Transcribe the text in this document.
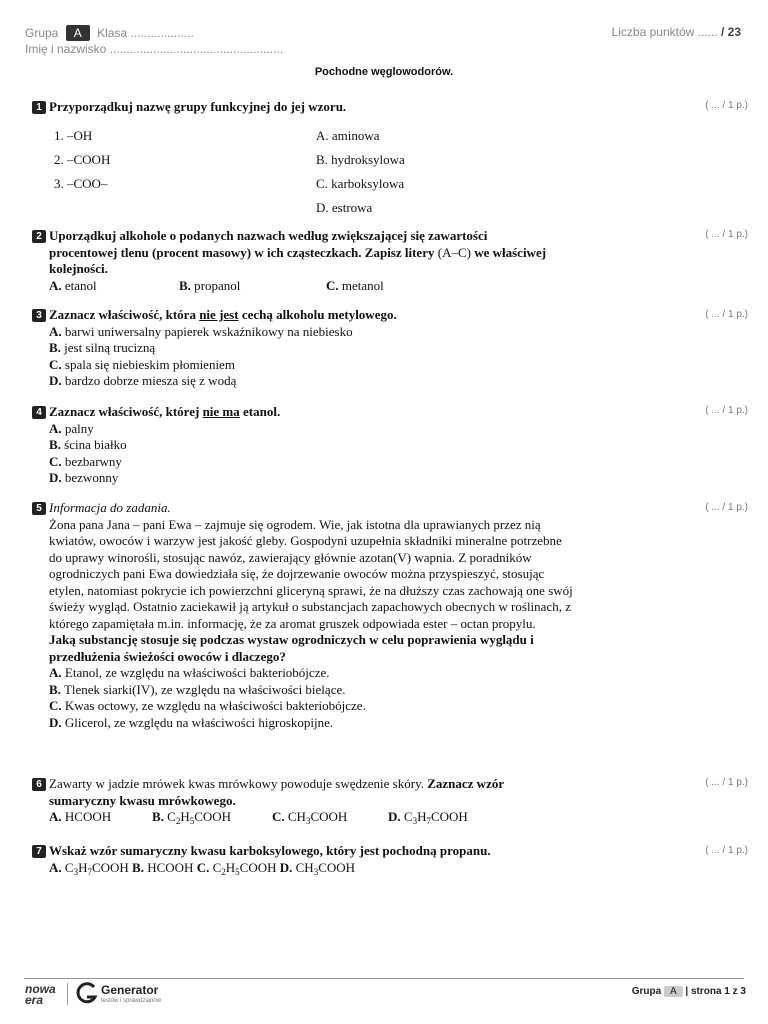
Grupa A Klasa ...................
Imię i nazwisko ....................................................
Liczba punktów ...... / 23
Pochodne węglowodorów.
1 Przyporządkuj nazwę grupy funkcyjnej do jej wzoru.
1. –OH
2. –COOH
3. –COO–
A. aminowa
B. hydroksylowa
C. karboksylowa
D. estrowa
( ... / 1 p.)
2 Uporządkuj alkohole o podanych nazwach według zwiększającej się zawartości procentowej tlenu (procent masowy) w ich cząsteczkach. Zapisz litery (A–C) we właściwej kolejności.
A. etanol	B. propanol	C. metanol
( ... / 1 p.)
3 Zaznacz właściwość, która nie jest cechą alkoholu metylowego.
A. barwi uniwersalny papierek wskaźnikowy na niebiesko
B. jest silną trucizną
C. spala się niebieskim płomieniem
D. bardzo dobrze miesza się z wodą
( ... / 1 p.)
4 Zaznacz właściwość, której nie ma etanol.
A. palny
B. ścina białko
C. bezbarwny
D. bezwonny
( ... / 1 p.)
5 Informacja do zadania.
Żona pana Jana – pani Ewa – zajmuje się ogrodem. Wie, jak istotna dla uprawianych przez nią kwiatów, owoców i warzyw jest jakość gleby. Gospodyni uzupełnia składniki mineralne potrzebne do uprawy winorośli, stosując nawóz, zawierający głównie azotan(V) wapnia. Z poradników ogrodniczych pani Ewa dowiedziała się, że dojrzewanie owoców można przyspieszyć, stosując etylen, natomiast pokrycie ich powierzchni gliceryną sprawi, że na dłuższy czas zachowają one swój świeży wygląd. Ostatnio zaciekawił ją artykuł o substancjach zapachowych obecnych w roślinach, z którego zapamiętała m.in. informację, że za aromat gruszek odpowiada ester – octan propylu.
Jaką substancję stosuje się podczas wystaw ogrodniczych w celu poprawienia wyglądu i przedłużenia świeżości owoców i dlaczego?
A. Etanol, ze względu na właściwości bakteriobójcze.
B. Tlenek siarki(IV), ze względu na właściwości bielące.
C. Kwas octowy, ze względu na właściwości bakteriobójcze.
D. Glicerol, ze względu na właściwości higroskopijne.
( ... / 1 p.)
6 Zawarty w jadzie mrówek kwas mrówkowy powoduje swędzenie skóry. Zaznacz wzór sumaryczny kwasu mrówkowego.
A. HCOOH	B. $C_2H_5COOH$	C. $CH_3COOH$	D. $C_3H_7COOH$
( ... / 1 p.)
7 Wskaż wzór sumaryczny kwasu karboksylowego, który jest pochodną propanu.
A. $C_3H_7COOH$ B. HCOOH C. $C_2H_5COOH$ D. $CH_3COOH$
( ... / 1 p.)
nowa
era
Generator
testów i sprawdzianów
Grupa A | strona 1 z 3
